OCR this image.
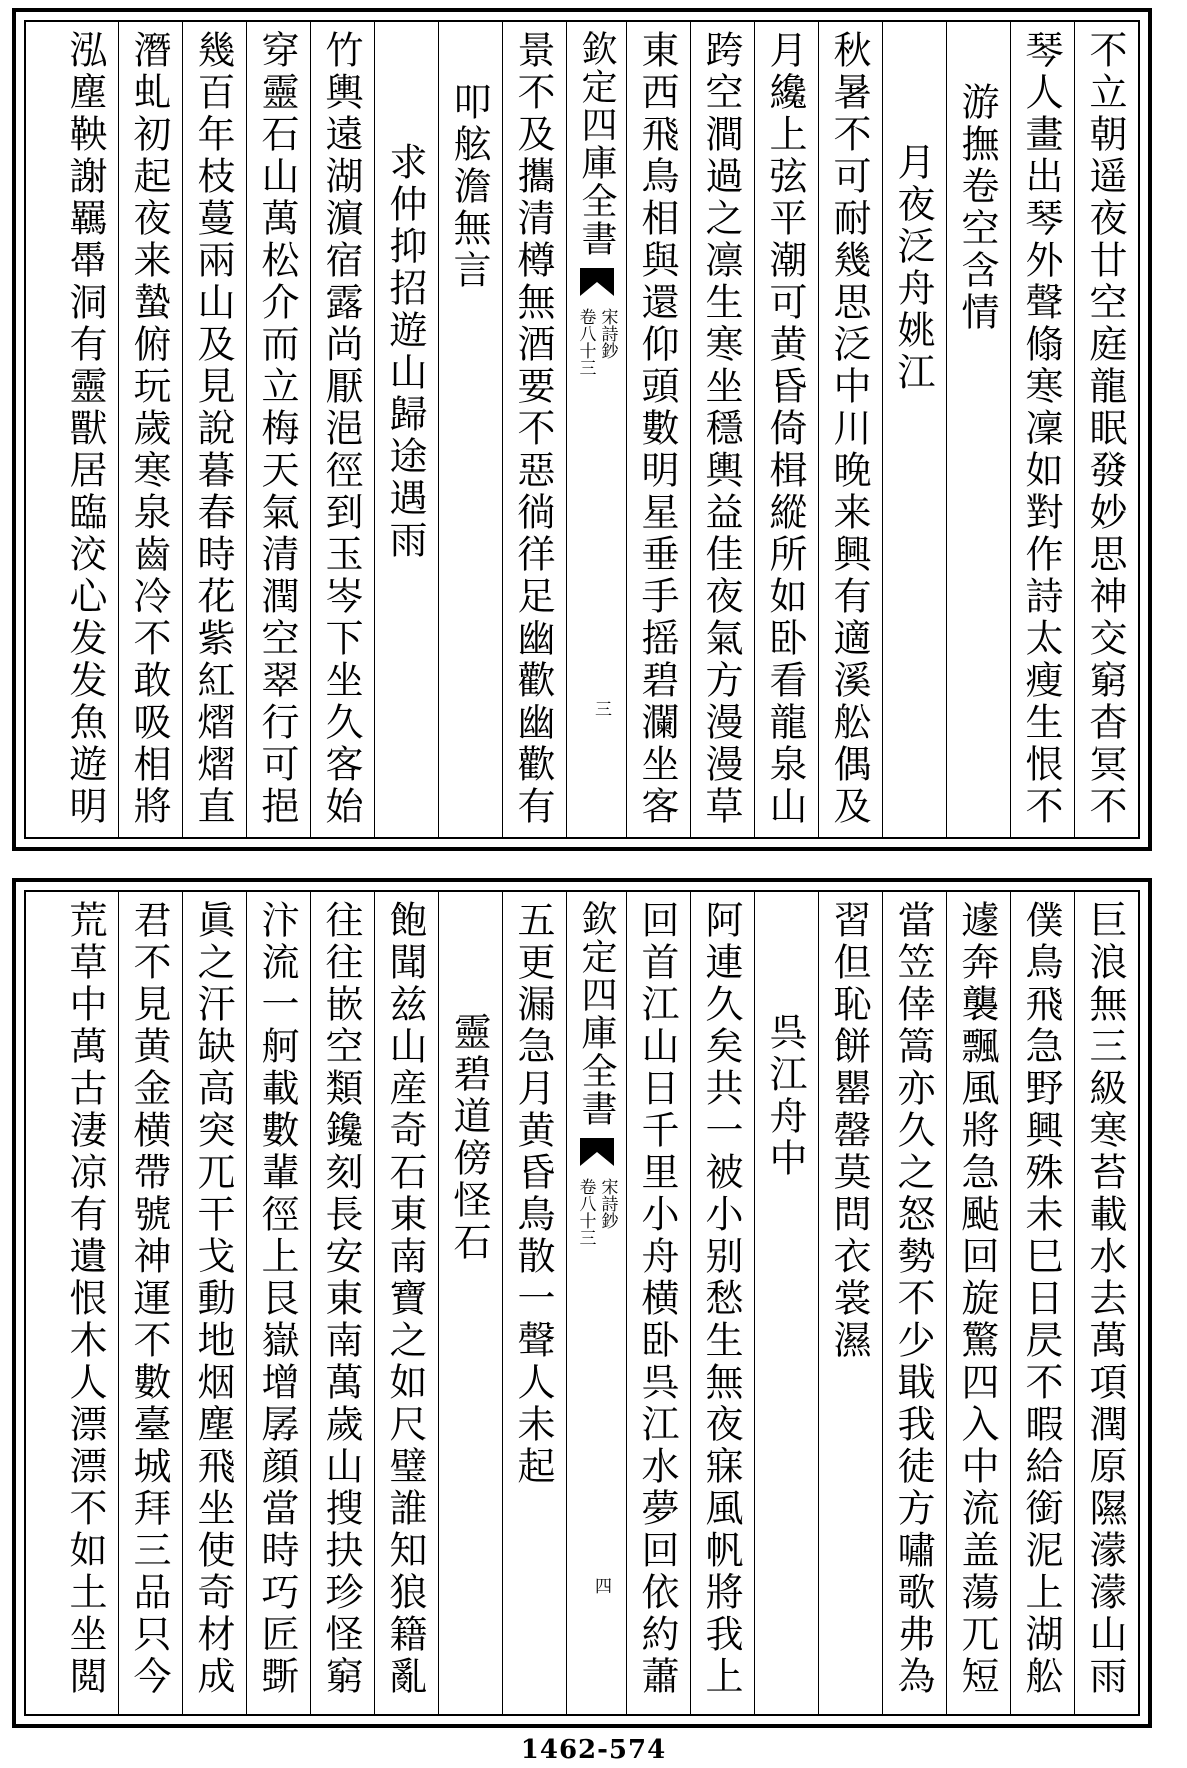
不立朝遥夜廿空庭龍眠發妙思神交窮杳冥不
琴人畫出琴外聲翛寒凜如對作詩太瘦生恨不
游撫卷空含情
月夜泛舟姚江
秋暑不可耐幾思泛中川晚来興有適溪舩偶及
月纔上弦平潮可黄昏倚楫縱所如卧看龍泉山
跨空澗過之凛生寒坐穩輿益佳夜氣方漫漫草
東西飛鳥相與還仰頭數明星垂手摇碧瀾坐客
欽定四庫全書
宋詩鈔
卷八十三
三
景不及攜清樽無酒要不惡徜徉足幽歡幽歡有
叩舷澹無言
求仲抑招遊山歸途遇雨
竹輿遠湖濵宿露尚厭浥徑到玉岑下坐久客始
穿靈石山萬松介而立梅天氣清潤空翠行可挹
幾百年枝蔓兩山及見說暮春時花紫紅熠熠直
潛虬初起夜来蟄俯玩歲寒泉齒冷不敢吸相將
泓塵鞅謝羈馽洞有靈獸居臨洨心发发魚遊明
巨浪無三級寒苔載水去萬項潤原隰濛濛山雨
僕鳥飛急野興殊未巳日昃不暇給銜泥上湖舩
遽奔襲飄風將急颭回旋驚四入中流盖蕩兀短
當笠倖篙亦久之怒勢不少戢我徒方嘯歌弗為
習但恥餅罌罄莫問衣裳濕
呉江舟中
阿連久矣共一被小别愁生無夜寐風帆將我上
回首江山日千里小舟横卧呉江水夢回依約蕭
欽定四庫全書
宋詩鈔
卷八十三
四
五更漏急月黄昏鳥散一聲人未起
靈碧道傍怪石
飽聞兹山産奇石東南寶之如尺璧誰知狼籍亂
往往嵌空類鑱刻長安東南萬歲山搜抉珍怪窮
汴流一舸載數輩徑上艮嶽增孱顔當時巧匠斲
眞之汗缺高突兀干戈動地烟塵飛坐使奇材成
君不見黄金横帶號神運不數臺城拜三品只今
荒草中萬古淒凉有遺恨木人漂漂不如土坐閲
1462-574
